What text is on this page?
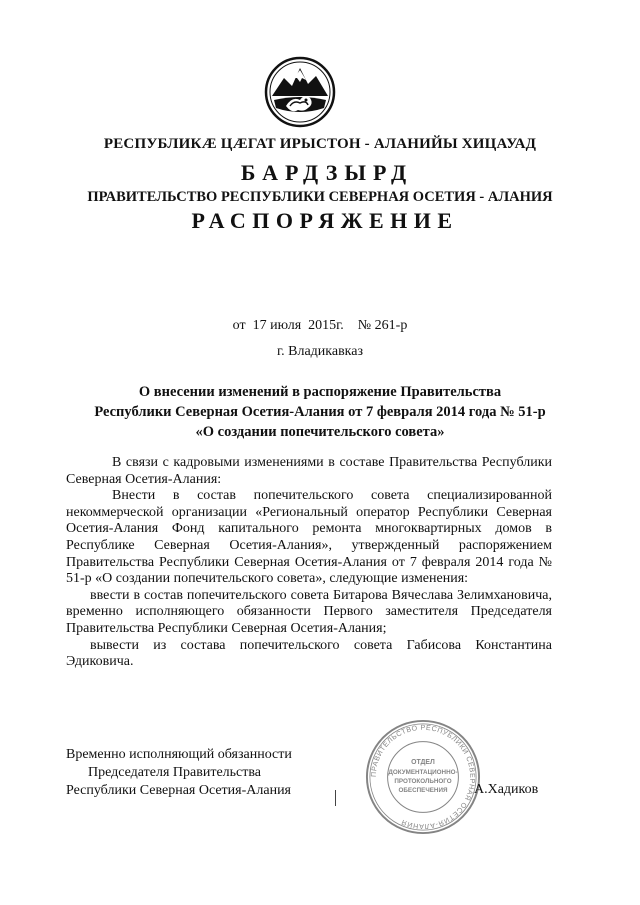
РЕСПУБЛИКӔ ЦӔГАТ ИРЫСТОН - АЛАНИЙЫ ХИЦАУАД
БАРДЗЫРД
ПРАВИТЕЛЬСТВО РЕСПУБЛИКИ СЕВЕРНАЯ ОСЕТИЯ - АЛАНИЯ
РАСПОРЯЖЕНИЕ
от  17 июля  2015г.    № 261-р
г. Владикавказ
О внесении изменений в распоряжение Правительства
Республики Северная Осетия-Алания от 7 февраля 2014 года № 51-р
«О создании попечительского совета»
В связи с кадровыми изменениями в составе Правительства Республики Северная Осетия-Алания:
Внести в состав попечительского совета специализированной некоммерческой организации «Региональный оператор Республики Северная Осетия-Алания Фонд капитального ремонта многоквартирных домов в Республике Северная Осетия-Алания», утвержденный распоряжением Правительства Республики Северная Осетия-Алания от 7 февраля 2014 года № 51-р «О создании попечительского совета», следующие изменения:
ввести в состав попечительского совета Битарова Вячеслава Зелимхановича, временно исполняющего обязанности Первого заместителя Председателя Правительства Республики Северная Осетия-Алания;
вывести из состава попечительского совета Габисова Константина Эдиковича.
Временно исполняющий обязанности
Председателя Правительства
Республики Северная Осетия-Алания
ПРАВИТЕЛЬСТВО РЕСПУБЛИКИ СЕВЕРНАЯ ОСЕТИЯ-АЛАНИЯ
ОТДЕЛ
ДОКУМЕНТАЦИОННО-
ПРОТОКОЛЬНОГО
ОБЕСПЕЧЕНИЯ А.Хадиков
